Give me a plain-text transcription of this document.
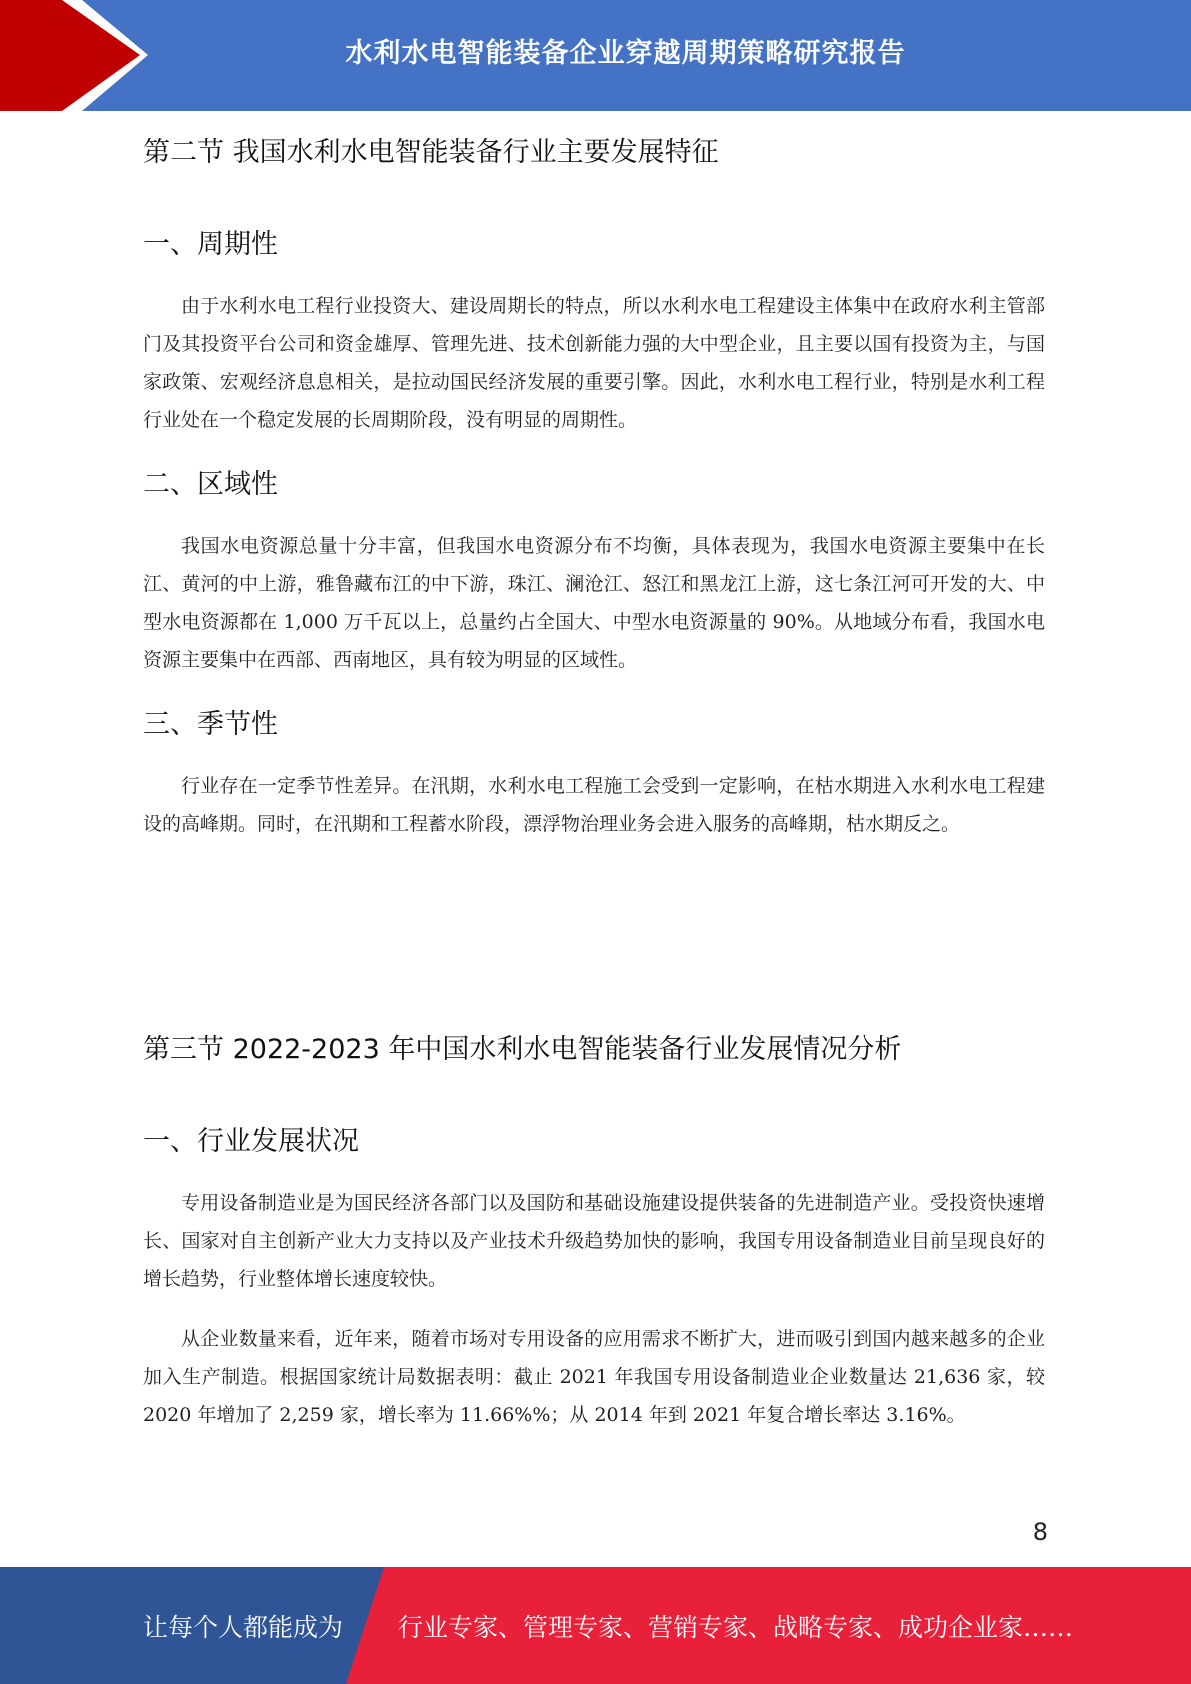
水利水电智能装备企业穿越周期策略研究报告
第二节 我国水利水电智能装备行业主要发展特征
一、周期性

由于水利水电工程行业投资大、建设周期长的特点，所以水利水电工程建设主体集中在政府水利主管部门及其投资平台公司和资金雄厚、管理先进、技术创新能力强的大中型企业，且主要以国有投资为主，与国家政策、宏观经济息息相关，是拉动国民经济发展的重要引擎。因此，水利水电工程行业，特别是水利工程行业处在一个稳定发展的长周期阶段，没有明显的周期性。

二、区域性

我国水电资源总量十分丰富，但我国水电资源分布不均衡，具体表现为，我国水电资源主要集中在长江、黄河的中上游，雅鲁藏布江的中下游，珠江、澜沧江、怒江和黑龙江上游，这七条江河可开发的大、中型水电资源都在 1,000 万千瓦以上，总量约占全国大、中型水电资源量的 90%。从地域分布看，我国水电资源主要集中在西部、西南地区，具有较为明显的区域性。

三、季节性

行业存在一定季节性差异。在汛期，水利水电工程施工会受到一定影响，在枯水期进入水利水电工程建设的高峰期。同时，在汛期和工程蓄水阶段，漂浮物治理业务会进入服务的高峰期，枯水期反之。

第三节 2022-2023 年中国水利水电智能装备行业发展情况分析
一、行业发展状况

专用设备制造业是为国民经济各部门以及国防和基础设施建设提供装备的先进制造产业。受投资快速增长、国家对自主创新产业大力支持以及产业技术升级趋势加快的影响，我国专用设备制造业目前呈现良好的增长趋势，行业整体增长速度较快。

从企业数量来看，近年来，随着市场对专用设备的应用需求不断扩大，进而吸引到国内越来越多的企业加入生产制造。根据国家统计局数据表明：截止 2021 年我国专用设备制造业企业数量达 21,636 家，较 2020 年增加了 2,259 家，增长率为 11.66%%；从 2014 年到 2021 年复合增长率达 3.16%。

8
让每个人都能成为 行业专家、管理专家、营销专家、战略专家、成功企业家……
